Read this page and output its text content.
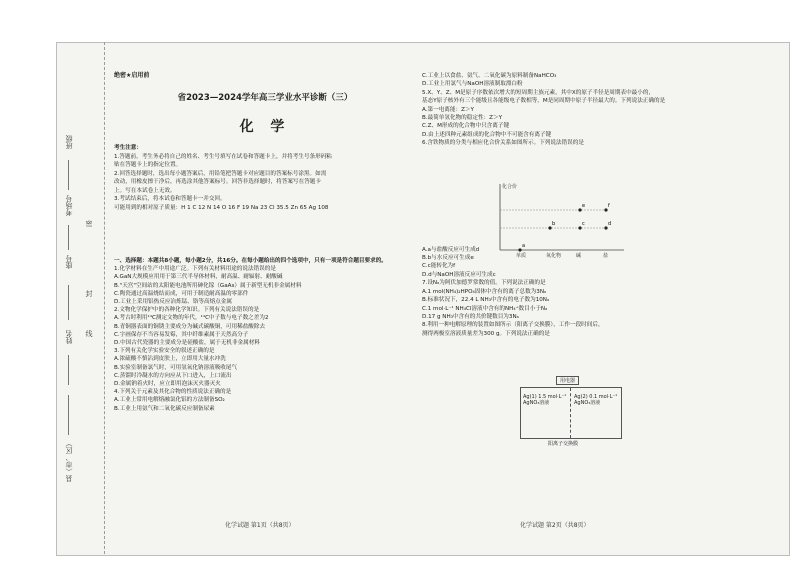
班级
考场号
座号
姓名
县（市、区）
密
封
线
绝密★启用前
省2023—2024学年高三学业水平诊断（三）
化 学

考生注意：

1.答题前，考生务必将自己的姓名、考生号填写在试卷和答题卡上，并将考生号条形码粘

贴在答题卡上的指定位置。

2.回答选择题时，选出每小题答案后，用铅笔把答题卡对应题目的答案标号涂黑。如需

改动，用橡皮擦干净后，再选涂其他答案标号。回答非选择题时，将答案写在答题卡

上。写在本试卷上无效。

3.考试结束后，将本试卷和答题卡一并交回。

可能用到的相对原子质量：H 1 C 12 N 14 O 16 F 19 Na 23 Cl 35.5 Zn 65 Ag 108

一、选择题：本题共8小题，每小题2分，共16分。在每小题给出的四个选项中，只有一项是符合题目要求的。

1.化学材料在生产中用途广泛。下列有关材料用途的说法错误的是

A.GaN大规模应用用于第三代半导体材料，耐高温、耐辐射、耐酸碱

B."天宫"空间站的太阳能电池所用砷化镓（GaAs）属于新型无机非金属材料

C.陶瓷通过高温烧结而成，可用于制造耐高温的零部件

D.工业上采用铝热反应冶炼锰、铬等高熔点金属

2.文物化学保护中的各种化学知识。下列有关说法错误的是

A.考古时利用¹⁴C测定文物的年代，¹⁴C中子数与电子数之差为2

B.青铜器表面的铜锈主要成分为碱式碳酸铜，可用稀盐酸除去

C.字画保存不当容易发霉，其中纤维素属于天然高分子

D.中国古代瓷器的主要成分是硅酸盐，属于无机非金属材料

3.下列有关化学实验安全的叙述正确的是

A.浓硫酸不慎沾到皮肤上，立即用大量水冲洗

B.实验室制备氯气时，可用氢氧化钠溶液吸收尾气

C.蒸馏时冷凝水的方向应从下口进入，上口流出

D.金属钠着火时，应立即用泡沫灭火器灭火

4.下列关于元素及其化合物的性质说法正确的是

A.工业上常用电解熔融氯化铝的方法制备SO₂

B.工业上用氨气和二氧化碳反应制备尿素

C.工业上以食盐、氨气、二氧化碳为原料制备NaHCO₃

D.工业上用氯气与NaOH溶液制取漂白粉

5.X、Y、Z、M是原子序数依次增大的短周期主族元素，其中X的原子半径是周期表中最小的，

基态Y原子核外有三个能级且各能级电子数相等，M是同周期中原子半径最大的。下列说法正确的是

A.第一电离能：Z＞Y

B.最简单氢化物的稳定性：Z＞Y

C.Z、M形成的化合物中只含离子键

D.由上述四种元素组成的化合物中不可能含有离子键

6.含铁物质的分类与相应化合价关系如图所示。下列说法错误的是

A.a与盐酸反应可生成d

B.b与水反应可生成e

C.c能转化为f

D.d与NaOH溶液反应可生成c

7.设Nₐ为阿伏加德罗常数的值。下列说法正确的是

A.1 mol(NH₄)₂HPO₄固体中含有的离子总数为3Nₐ

B.标准状况下，22.4 L NH₃中含有的电子数为10Nₐ

C.1 mol·L⁻¹ NH₄Cl溶液中含有的NH₄⁺数目小于Nₐ

D.17 g NH₃中含有的共价键数目为3Nₐ

8.利用一种电解原理的装置如图所示（阳离子交换膜），工作一段时间后，

测得两极室溶液质量差为300 g。下列说法正确的是

化合价
单质	氧化物	碱	盐
a
b	c	d
e	f
Ag(1) 1.5 mol·L⁻¹ AgNO₃溶液
Ag(2) 0.1 mol·L⁻¹ AgNO₃溶液
用电器
阳离子交换膜
化学试题 第1页（共8页）	化学试题 第2页（共8页）
